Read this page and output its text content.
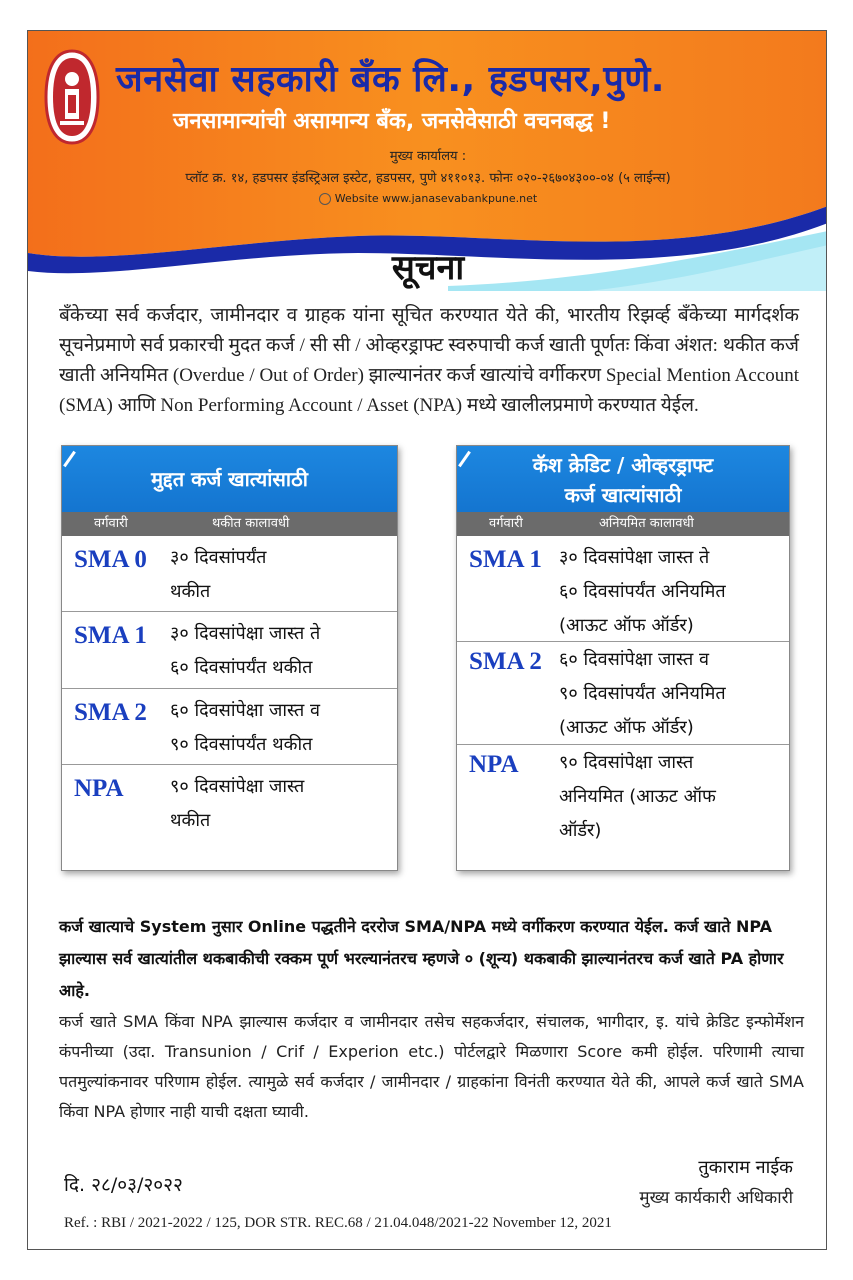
जनसेवा सहकारी बँक लि., हडपसर,पुणे.
जनसामान्यांची असामान्य बँक, जनसेवेसाठी वचनबद्ध !
मुख्य कार्यालय :
प्लॉट क्र. १४, हडपसर इंडस्ट्रिअल इस्टेट, हडपसर, पुणे ४११०१३. फोनः ०२०-२६७०४३००-०४ (५ लाईन्स)
Website www.janasevabankpune.net
सूचना

बँकेच्या सर्व कर्जदार, जामीनदार व ग्राहक यांना सूचित करण्यात येते की, भारतीय रिझर्व्ह बँकेच्या मार्गदर्शक सूचनेप्रमाणे सर्व प्रकारची मुदत कर्ज / सी सी / ओव्हरड्राफ्ट स्वरुपाची कर्ज खाती पूर्णतः किंवा अंशत: थकीत कर्ज खाती अनियमित (Overdue / Out of Order) झाल्यानंतर कर्ज खात्यांचे वर्गीकरण Special Mention Account (SMA) आणि Non Performing Account / Asset (NPA) मध्ये खालीलप्रमाणे करण्यात येईल.

मुद्दत कर्ज खात्यांसाठी
वर्गवारी	थकीत कालावधी
SMA 0 ३० दिवसांपर्यंत
थकीत
SMA 1 ३० दिवसांपेक्षा जास्त ते
६० दिवसांपर्यंत थकीत
SMA 2 ६० दिवसांपेक्षा जास्त व
९० दिवसांपर्यंत थकीत
NPA	९० दिवसांपेक्षा जास्त
थकीत
कॅश क्रेडिट / ओव्हरड्राफ्ट
कर्ज खात्यांसाठी
वर्गवारी	अनियमित कालावधी
SMA 1 ३० दिवसांपेक्षा जास्त ते
६० दिवसांपर्यंत अनियमित
(आऊट ऑफ ऑर्डर)
SMA 2 ६० दिवसांपेक्षा जास्त व
९० दिवसांपर्यंत अनियमित
(आऊट ऑफ ऑर्डर)
NPA ९० दिवसांपेक्षा जास्त
अनियमित (आऊट ऑफ
ऑर्डर)
कर्ज खात्याचे System नुसार Online पद्धतीने दररोज SMA/NPA मध्ये वर्गीकरण करण्यात येईल. कर्ज खाते NPA झाल्यास सर्व खात्यांतील थकबाकीची रक्कम पूर्ण भरल्यानंतरच म्हणजे ० (शून्य) थकबाकी झाल्यानंतरच कर्ज खाते PA होणार आहे.
कर्ज खाते SMA किंवा NPA झाल्यास कर्जदार व जामीनदार तसेच सहकर्जदार, संचालक, भागीदार, इ. यांचे क्रेडिट इन्फोर्मेशन कंपनीच्या (उदा. Transunion / Crif / Experion etc.) पोर्टलद्वारे मिळणारा Score कमी होईल. परिणामी त्याचा पतमुल्यांकनावर परिणाम होईल. त्यामुळे सर्व कर्जदार / जामीनदार / ग्राहकांना विनंती करण्यात येते की, आपले कर्ज खाते SMA किंवा NPA होणार नाही याची दक्षता घ्यावी.
दि. २८/०३/२०२२
तुकाराम नाईक
मुख्य कार्यकारी अधिकारी
Ref. : RBI / 2021-2022 / 125, DOR STR. REC.68 / 21.04.048/2021-22 November 12, 2021
